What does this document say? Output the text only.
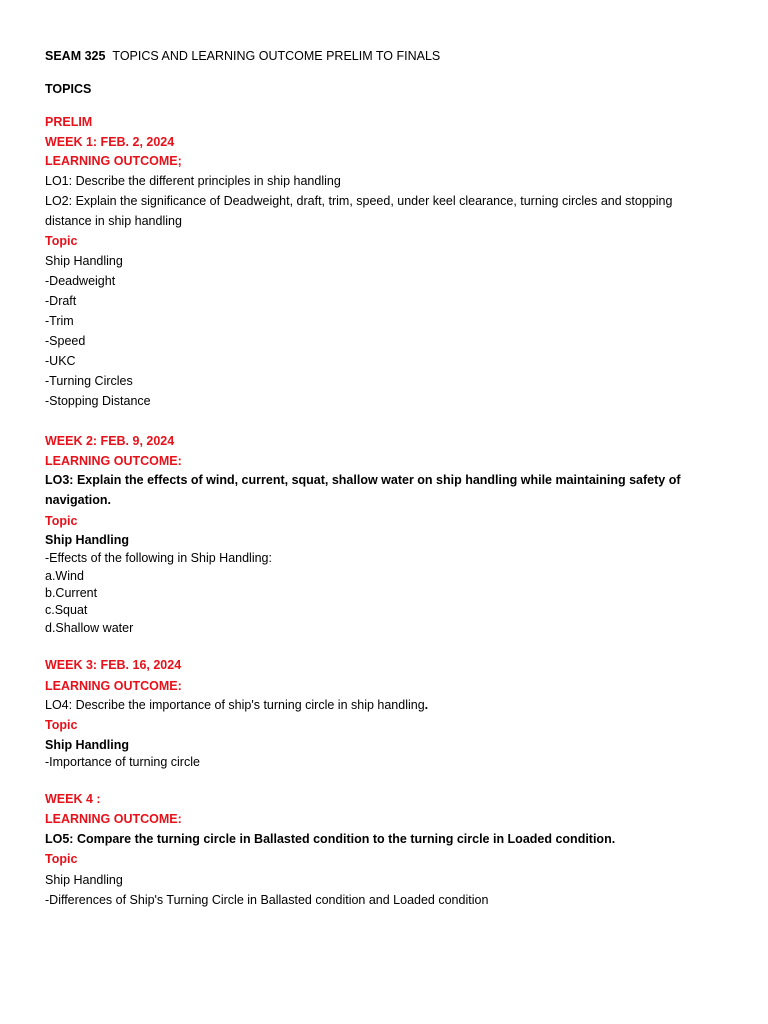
SEAM 325 TOPICS AND LEARNING OUTCOME PRELIM TO FINALS
TOPICS
PRELIM
WEEK 1: FEB. 2, 2024
LEARNING OUTCOME;
LO1: Describe the different principles in ship handling
LO2: Explain the significance of Deadweight, draft, trim, speed, under keel clearance, turning circles and stopping distance in ship handling
Topic
Ship Handling
-Deadweight
-Draft
-Trim
-Speed
-UKC
-Turning Circles
-Stopping Distance
WEEK 2: FEB. 9, 2024
LEARNING OUTCOME:
LO3: Explain the effects of wind, current, squat, shallow water on ship handling while maintaining safety of navigation.
Topic
Ship Handling
-Effects of the following in Ship Handling:
a.Wind
b.Current
c.Squat
d.Shallow water
WEEK 3: FEB. 16, 2024
LEARNING OUTCOME:
LO4: Describe the importance of ship's turning circle in ship handling.
Topic
Ship Handling
-Importance of turning circle
WEEK 4 :
LEARNING OUTCOME:
LO5: Compare the turning circle in Ballasted condition to the turning circle in Loaded condition.
Topic
Ship Handling
-Differences of Ship's Turning Circle in Ballasted condition and Loaded condition
